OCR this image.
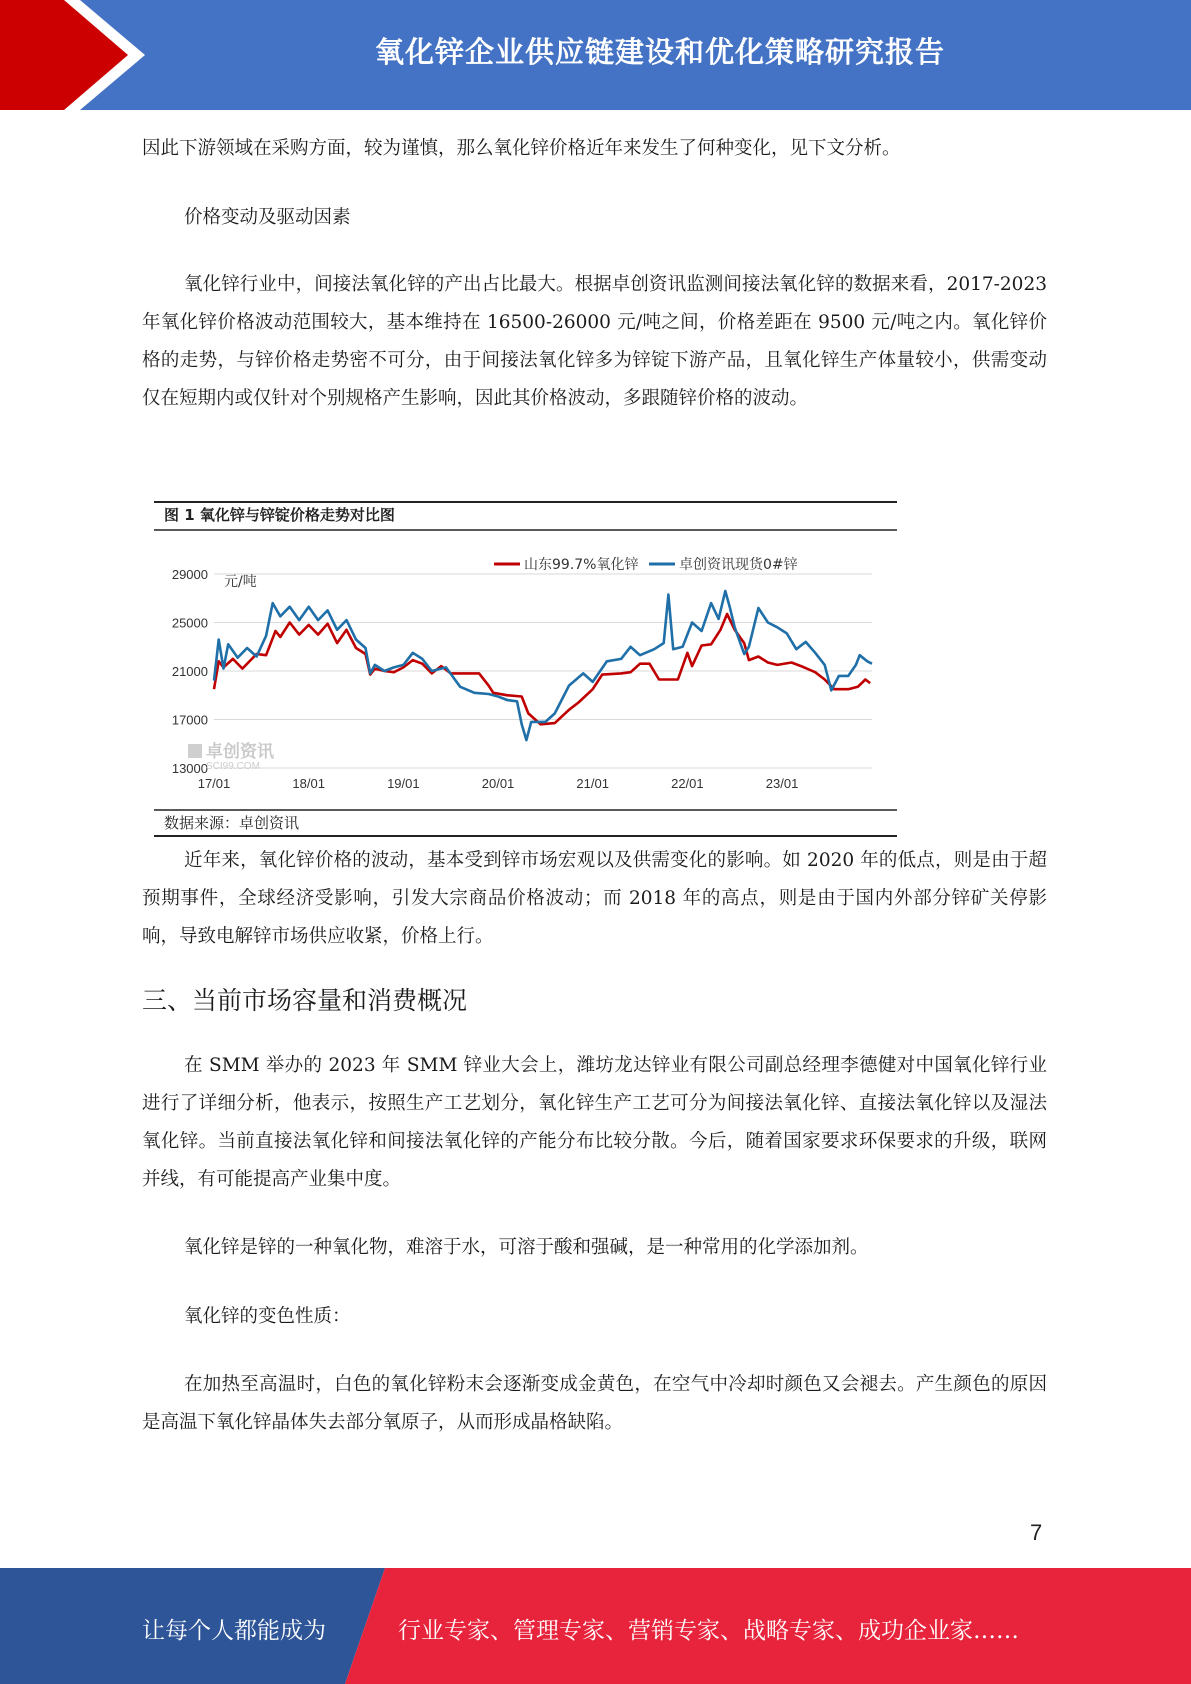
氧化锌企业供应链建设和优化策略研究报告

因此下游领域在采购方面，较为谨慎，那么氧化锌价格近年来发生了何种变化，见下文分析。

价格变动及驱动因素

氧化锌行业中，间接法氧化锌的产出占比最大。根据卓创资讯监测间接法氧化锌的数据来看，2017-2023 年氧化锌价格波动范围较大，基本维持在 16500-26000 元/吨之间，价格差距在 9500 元/吨之内。氧化锌价格的走势，与锌价格走势密不可分，由于间接法氧化锌多为锌锭下游产品，且氧化锌生产体量较小，供需变动仅在短期内或仅针对个别规格产生影响，因此其价格波动，多跟随锌价格的波动。

近年来，氧化锌价格的波动，基本受到锌市场宏观以及供需变化的影响。如 2020 年的低点，则是由于超预期事件，全球经济受影响，引发大宗商品价格波动；而 2018 年的高点，则是由于国内外部分锌矿关停影响，导致电解锌市场供应收紧，价格上行。

三、当前市场容量和消费概况

在 SMM 举办的 2023 年 SMM 锌业大会上，潍坊龙达锌业有限公司副总经理李德健对中国氧化锌行业进行了详细分析，他表示，按照生产工艺划分，氧化锌生产工艺可分为间接法氧化锌、直接法氧化锌以及湿法氧化锌。当前直接法氧化锌和间接法氧化锌的产能分布比较分散。今后，随着国家要求环保要求的升级，联网并线，有可能提高产业集中度。

氧化锌是锌的一种氧化物，难溶于水，可溶于酸和强碱，是一种常用的化学添加剂。

氧化锌的变色性质：

在加热至高温时，白色的氧化锌粉末会逐渐变成金黄色，在空气中冷却时颜色又会褪去。产生颜色的原因是高温下氧化锌晶体失去部分氧原子，从而形成晶格缺陷。

图 1 氧化锌与锌锭价格走势对比图
29000
25000
21000
17000
13000
17/01	18/01	19/01	20/01	21/01	22/01	23/01
元/吨
卓创资讯
SCI99.COM
山东99.7%氧化锌	卓创资讯现货0#锌
数据来源：卓创资讯
7
让每个人都能成为	行业专家、管理专家、营销专家、战略专家、成功企业家……
